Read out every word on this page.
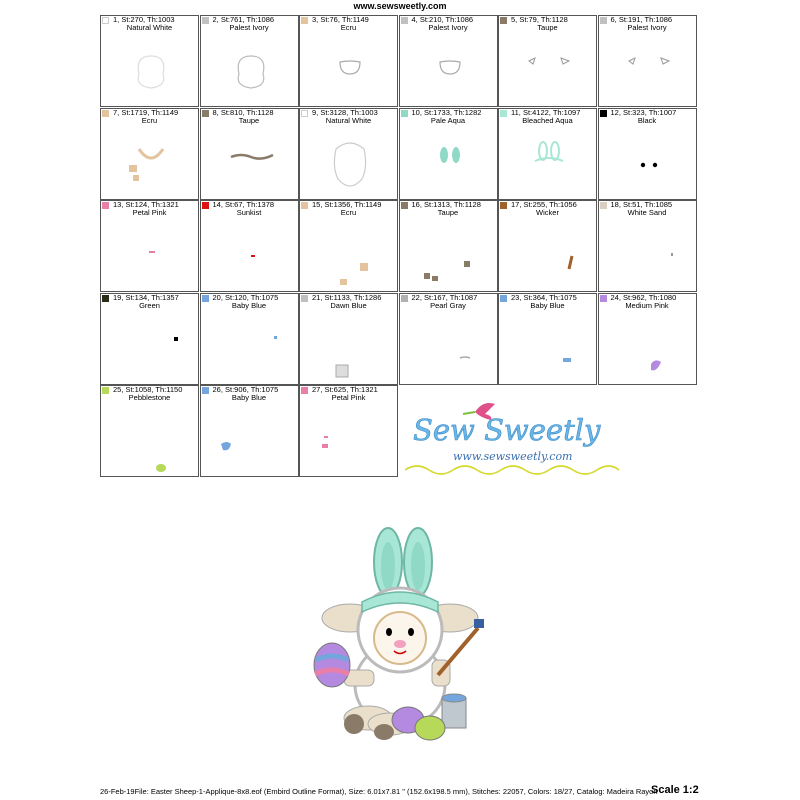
www.sewsweetly.com
1, St:270, Th:1003
Natural White
2, St:761, Th:1086
Palest Ivory
3, St:76, Th:1149
Ecru
4, St:210, Th:1086
Palest Ivory
5, St:79, Th:1128
Taupe
6, St:191, Th:1086
Palest Ivory
7, St:1719, Th:1149
Ecru
8, St:810, Th:1128
Taupe
9, St:3128, Th:1003
Natural White
10, St:1733, Th:1282
Pale Aqua
11, St:4122, Th:1097
Bleached Aqua
12, St:323, Th:1007
Black
13, St:124, Th:1321
Petal Pink
14, St:67, Th:1378
Sunkist
15, St:1356, Th:1149
Ecru
16, St:1313, Th:1128
Taupe
17, St:255, Th:1056
Wicker
18, St:51, Th:1085
White Sand
19, St:134, Th:1357
Green
20, St:120, Th:1075
Baby Blue
21, St:1133, Th:1286
Dawn Blue
22, St:167, Th:1087
Pearl Gray
23, St:364, Th:1075
Baby Blue
24, St:962, Th:1080
Medium Pink
25, St:1058, Th:1150
Pebblestone
26, St:906, Th:1075
Baby Blue
27, St:625, Th:1321
Petal Pink
Sew Sweetly
www.sewsweetly.com
26-Feb-19File: Easter Sheep-1-Applique-8x8.eof (Embird Outline Format), Size: 6.01x7.81 " (152.6x198.5 mm), Stitches: 22057, Colors: 18/27, Catalog: Madeira Rayon
Scale 1:2
